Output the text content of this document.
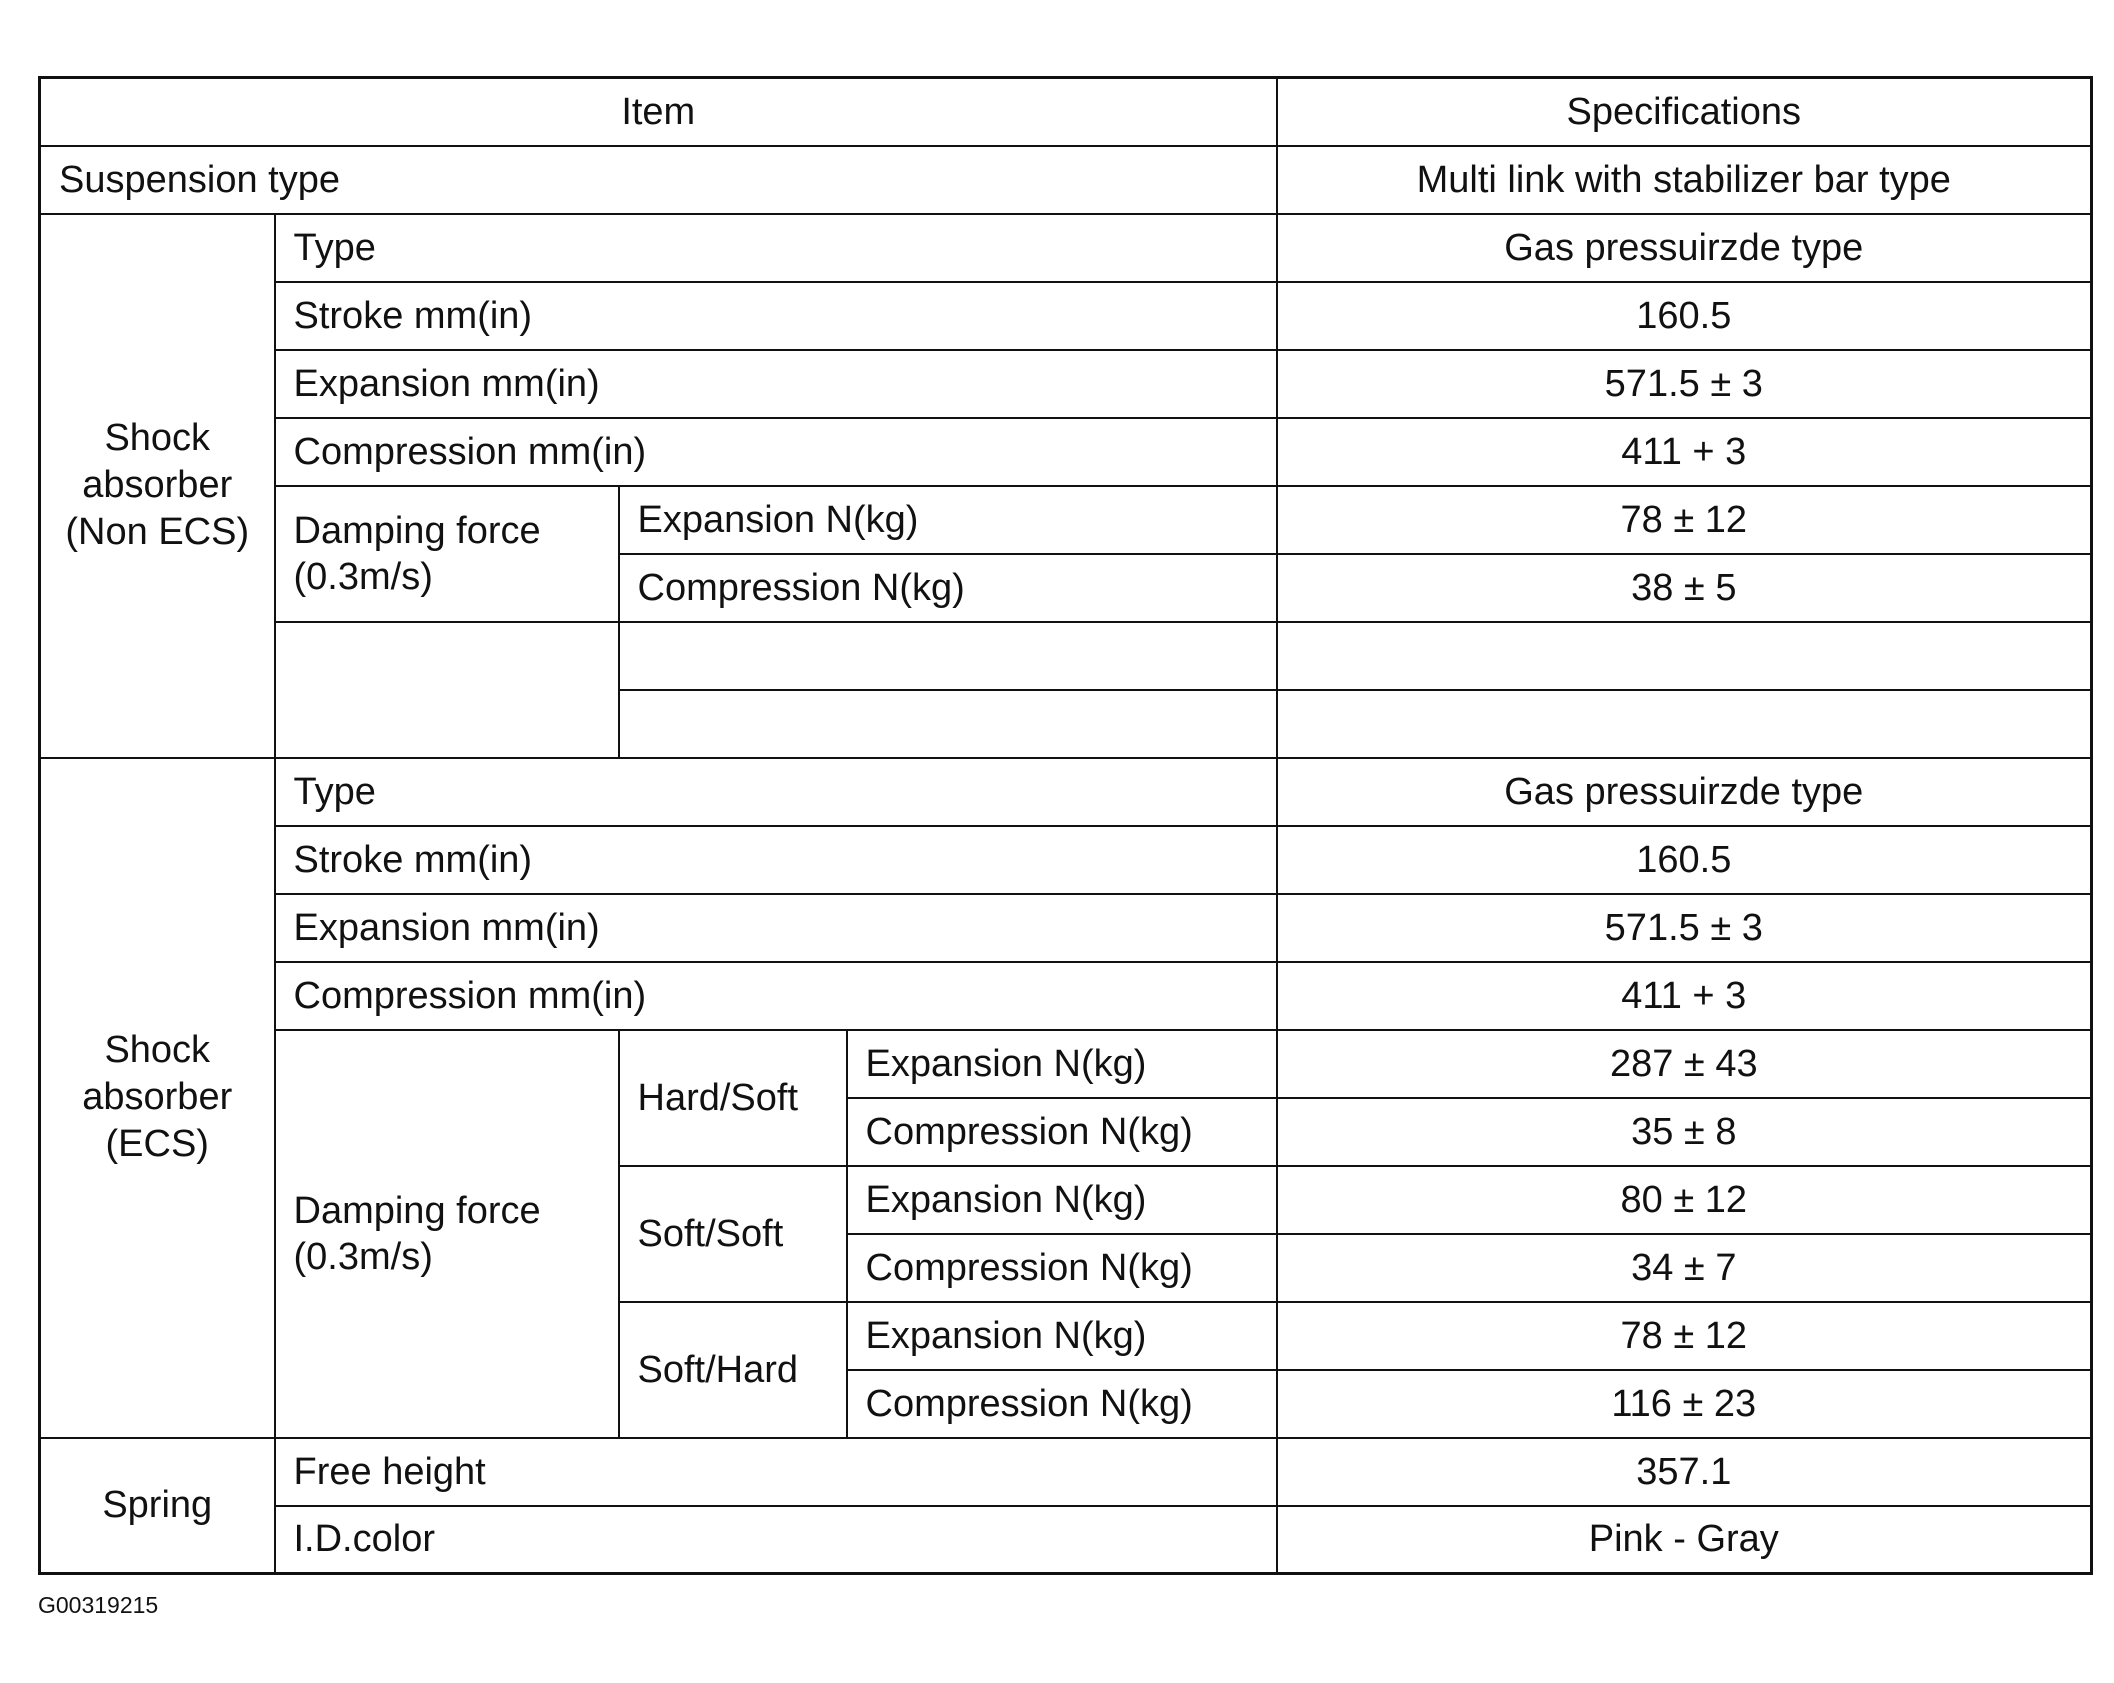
Item				Specifications
Suspension type				Multi link with stabilizer bar type
Shock absorber (Non ECS)	Type			Gas pressuirzde type
	Stroke mm(in)			160.5
	Expansion mm(in)			571.5 ± 3
	Compression mm(in)			411 + 3
	Damping force (0.3m/s)	Expansion N(kg)		78 ± 12
		Compression N(kg)		38 ± 5

Shock absorber (ECS)	Type			Gas pressuirzde type
	Stroke mm(in)			160.5
	Expansion mm(in)			571.5 ± 3
	Compression mm(in)			411 + 3
	Damping force (0.3m/s)	Hard/Soft	Expansion N(kg)	287 ± 43
			Compression N(kg)	35 ± 8
		Soft/Soft	Expansion N(kg)	80 ± 12
			Compression N(kg)	34 ± 7
		Soft/Hard	Expansion N(kg)	78 ± 12
			Compression N(kg)	116 ± 23
Spring	Free height			357.1
	I.D.color			Pink - Gray
G00319215
